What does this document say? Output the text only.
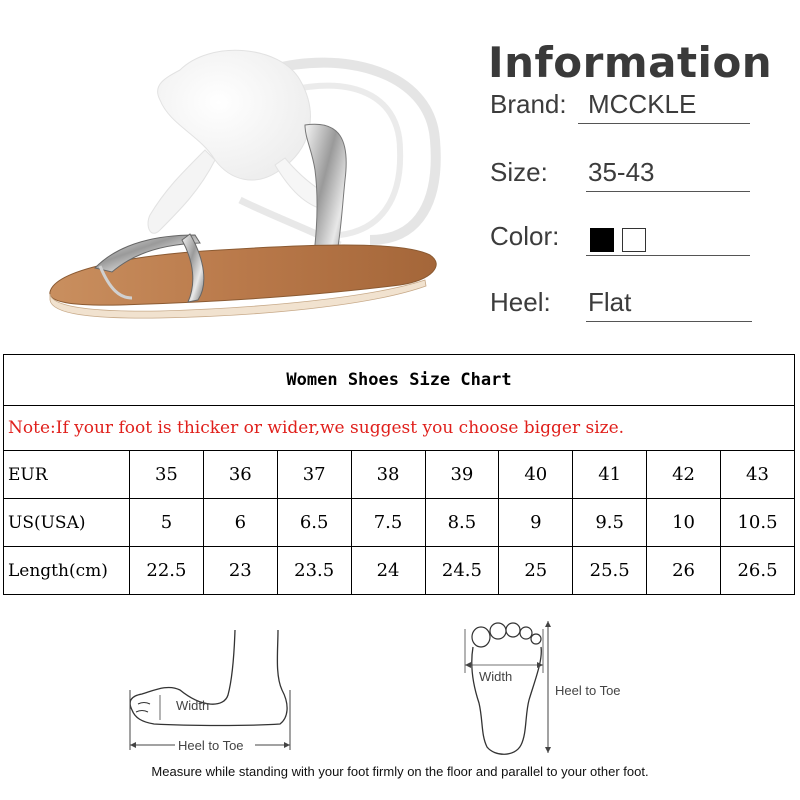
Information
Brand: MCCKLE
Size: 35-43
Color:
Heel: Flat
Women Shoes Size Chart									
Note:If your foot is thicker or wider,we suggest you choose bigger size.									
EUR	35	36	37	38	39	40	41	42	43
US(USA)	5	6	6.5	7.5	8.5	9	9.5	10	10.5
Length(cm)	22.5	23	23.5	24	24.5	25	25.5	26	26.5
Width
Heel to Toe
Width
Heel to Toe
Measure while standing with your foot firmly on the floor and parallel to your other foot.
